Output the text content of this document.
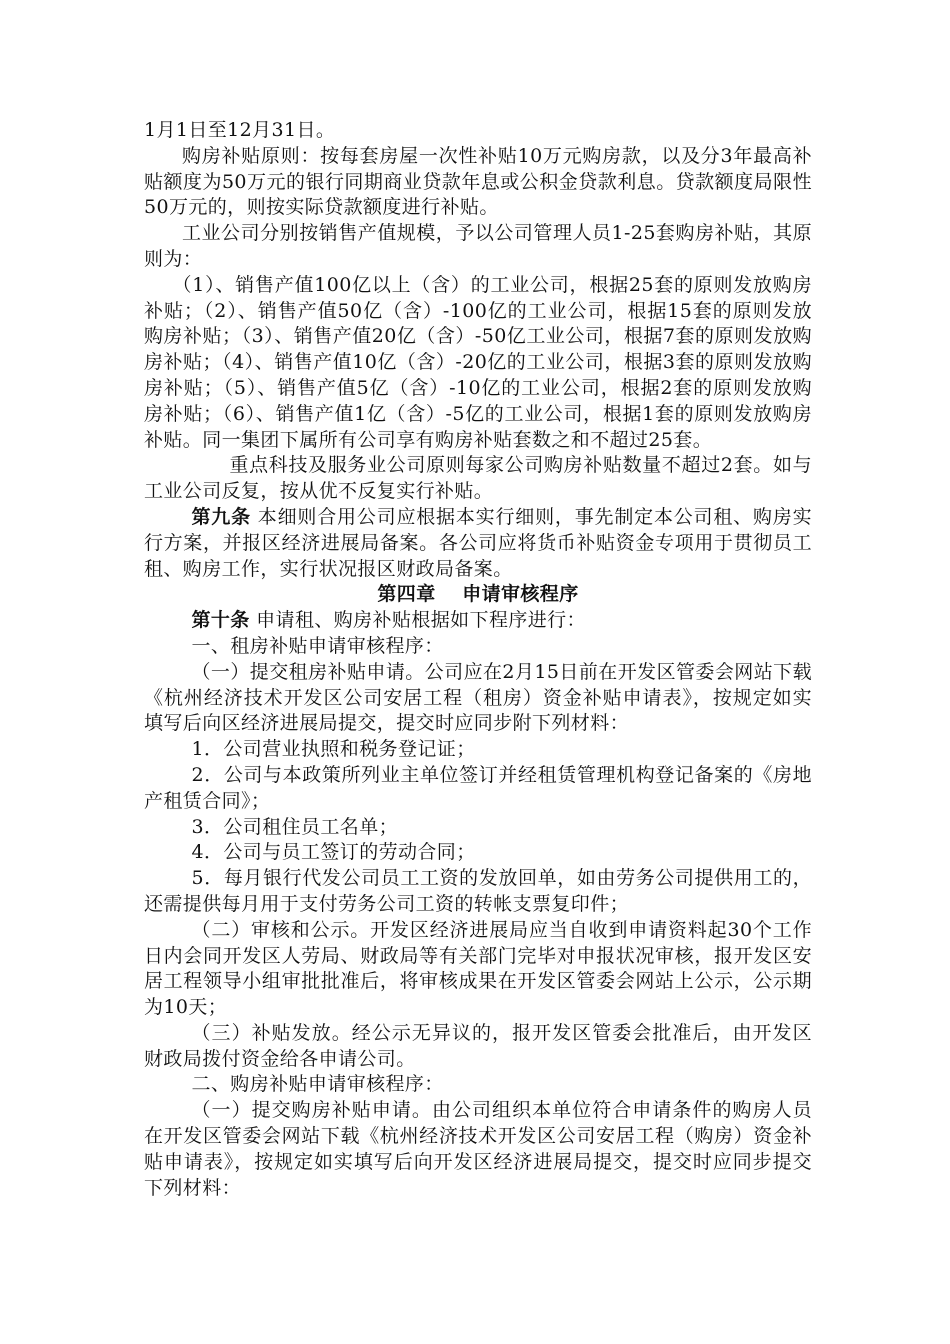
1月1日至12月31日。

购房补贴原则：按每套房屋一次性补贴10万元购房款，以及分3年最高补贴额度为50万元的银行同期商业贷款年息或公积金贷款利息。贷款额度局限性50万元的，则按实际贷款额度进行补贴。

工业公司分别按销售产值规模，予以公司管理人员1-25套购房补贴，其原则为：

（1）、销售产值100亿以上（含）的工业公司，根据25套的原则发放购房补贴；（2）、销售产值50亿（含）-100亿的工业公司，根据15套的原则发放购房补贴；（3）、销售产值20亿（含）-50亿工业公司，根据7套的原则发放购房补贴；（4）、销售产值10亿（含）-20亿的工业公司，根据3套的原则发放购房补贴；（5）、销售产值5亿（含）-10亿的工业公司，根据2套的原则发放购房补贴；（6）、销售产值1亿（含）-5亿的工业公司，根据1套的原则发放购房补贴。同一集团下属所有公司享有购房补贴套数之和不超过25套。

重点科技及服务业公司原则每家公司购房补贴数量不超过2套。如与工业公司反复，按从优不反复实行补贴。

第九条 本细则合用公司应根据本实行细则，事先制定本公司租、购房实行方案，并报区经济进展局备案。各公司应将货币补贴资金专项用于贯彻员工租、购房工作，实行状况报区财政局备案。

第四章 申请审核程序

第十条 申请租、购房补贴根据如下程序进行：

一、租房补贴申请审核程序：

（一）提交租房补贴申请。公司应在2月15日前在开发区管委会网站下载《杭州经济技术开发区公司安居工程（租房）资金补贴申请表》，按规定如实填写后向区经济进展局提交，提交时应同步附下列材料：

1．公司营业执照和税务登记证；

2．公司与本政策所列业主单位签订并经租赁管理机构登记备案的《房地产租赁合同》；

3．公司租住员工名单；

4．公司与员工签订的劳动合同；

5．每月银行代发公司员工工资的发放回单，如由劳务公司提供用工的，还需提供每月用于支付劳务公司工资的转帐支票复印件；

（二）审核和公示。开发区经济进展局应当自收到申请资料起30个工作日内会同开发区人劳局、财政局等有关部门完毕对申报状况审核，报开发区安居工程领导小组审批批准后，将审核成果在开发区管委会网站上公示，公示期为10天；

（三）补贴发放。经公示无异议的，报开发区管委会批准后，由开发区财政局拨付资金给各申请公司。

二、购房补贴申请审核程序：

（一）提交购房补贴申请。由公司组织本单位符合申请条件的购房人员在开发区管委会网站下载《杭州经济技术开发区公司安居工程（购房）资金补贴申请表》，按规定如实填写后向开发区经济进展局提交，提交时应同步提交下列材料：
